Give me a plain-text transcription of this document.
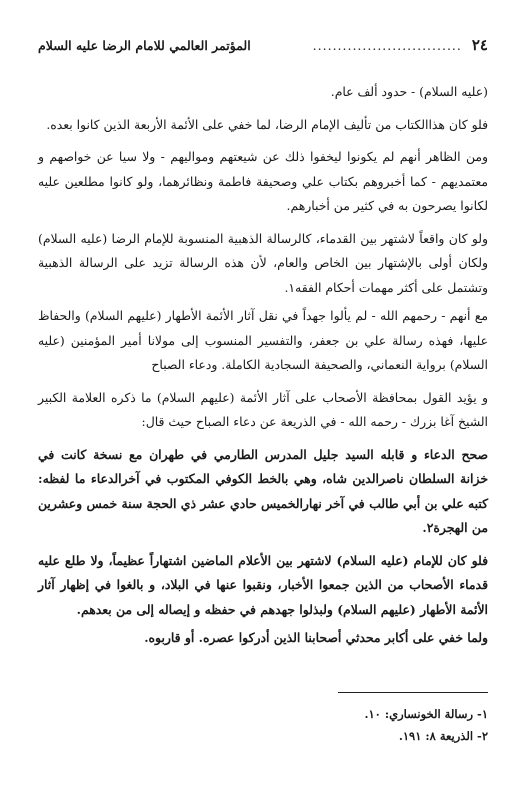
٢٤
..............................
المؤتمر العالمي للامام الرضا عليه السلام

(عليه السلام) - حدود ألف عام.

فلو كان هذاالكتاب من تأليف الإمام الرضا، لما خفي على الأئمة الأربعة الذين كانوا بعده.

ومن الظاهر أنهم لم يكونوا ليخفوا ذلك عن شيعتهم ومواليهم - ولا سيا عن خواصهم و معتمديهم - كما أخبروهم بكتاب علي وصحيفة فاطمة ونظائرهما، ولو كانوا مطلعين عليه لكانوا يصرحون به في كثير من أخبارهم.

ولو كان واقعاً لاشتهر بين القدماء، كالرسالة الذهبية المنسوبة للإمام الرضا (عليه السلام) ولكان أولى بالإشتهار بين الخاص والعام، لأن هذه الرسالة تزيد على الرسالة الذهبية وتشتمل على أكثر مهمات أحكام الفقه١.

مع أنهم - رحمهم الله - لم يألوا جهداً في نقل آثار الأئمة الأطهار (عليهم السلام) والحفاظ عليها، فهذه رسالة علي بن جعفر، والتفسير المنسوب إلى مولانا أمير المؤمنين (عليه السلام) برواية النعماني، والصحيفة السجادية الكاملة. ودعاء الصباح

و يؤيد القول بمحافظة الأصحاب على آثار الأئمة (عليهم السلام) ما ذكره العلامة الكبير الشيخ آغا بزرك - رحمه الله - في الذريعة عن دعاء الصباح حيث قال:

صحح الدعاء و قابله السيد جليل المدرس الطارمي في طهران مع نسخة كانت في خزانة السلطان ناصرالدين شاه، وهي بالخط الكوفي المكتوب في آخرالدعاء ما لفظه: كتبه علي بن أبي طالب في آخر نهارالخميس حادي عشر ذي الحجة سنة خمس وعشرين من الهجرة٢.

فلو كان للإمام (عليه السلام) لاشتهر بين الأعلام الماضين اشتهاراً عظيماً، ولا طلع عليه قدماء الأصحاب من الذين جمعوا الأخبار، ونقبوا عنها في البلاد، و بالغوا في إظهار آثار الأئمة الأطهار (عليهم السلام) ولبذلوا جهدهم في حفظه و إيصاله إلى من بعدهم.

ولما خفي على أكابر محدثي أصحابنا الذين أدركوا عصره. أو قاربوه.

١- رسالة الخونساري: ١٠.
٢- الذريعة ٨: ١٩١.
